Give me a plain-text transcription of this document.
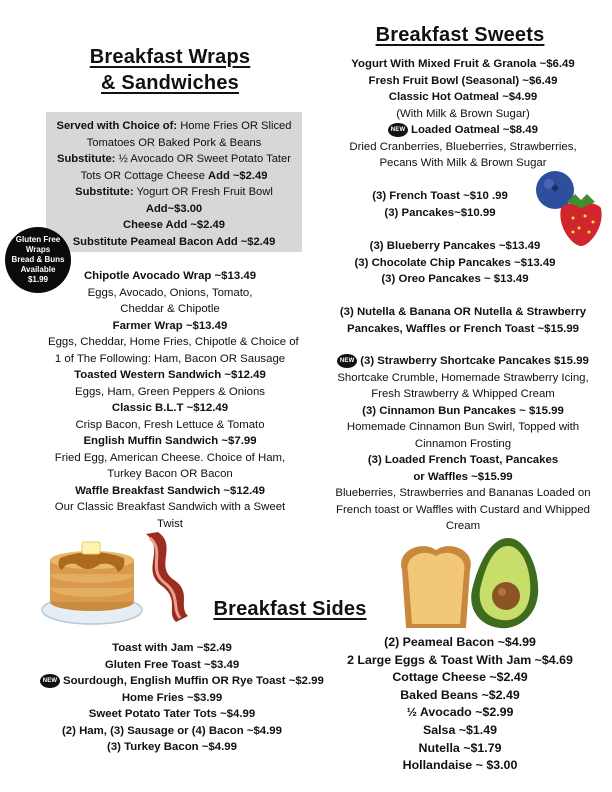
Breakfast Wraps
& Sandwiches
Served with Choice of: Home Fries OR Sliced
Tomatoes OR Baked Pork & Beans
Substitute: ½ Avocado OR Sweet Potato Tater
Tots OR Cottage Cheese Add ~$2.49
Substitute: Yogurt OR Fresh Fruit Bowl
Add~$3.00
Cheese Add ~$2.49
Substitute Peameal Bacon Add ~$2.49
Gluten Free
Wraps
Bread & Buns
Available
$1.99	Chipotle Avocado Wrap ~$13.49
Eggs, Avocado, Onions, Tomato,
Cheddar & Chipotle
Farmer Wrap ~$13.49
Eggs, Cheddar, Home Fries, Chipotle & Choice of
1 of The Following: Ham, Bacon OR Sausage
Toasted Western Sandwich ~$12.49
Eggs, Ham, Green Peppers & Onions
Classic B.L.T ~$12.49
Crisp Bacon, Fresh Lettuce & Tomato
English Muffin Sandwich ~$7.99
Fried Egg, American Cheese. Choice of Ham,
Turkey Bacon OR Bacon
Waffle Breakfast Sandwich ~$12.49
Our Classic Breakfast Sandwich with a Sweet
Twist
Breakfast Sweets
Yogurt With Mixed Fruit & Granola ~$6.49
Fresh Fruit Bowl (Seasonal) ~$6.49
Classic Hot Oatmeal ~$4.99
(With Milk & Brown Sugar)
NEW Loaded Oatmeal ~$8.49
Dried Cranberries, Blueberries, Strawberries,
Pecans With Milk & Brown Sugar
(3) French Toast ~$10 .99
(3) Pancakes~$10.99
(3) Blueberry Pancakes ~$13.49
(3) Chocolate Chip Pancakes ~$13.49
(3) Oreo Pancakes ~ $13.49
(3) Nutella & Banana OR Nutella & Strawberry
Pancakes, Waffles or French Toast ~$15.99
NEW (3) Strawberry Shortcake Pancakes $15.99
Shortcake Crumble, Homemade Strawberry Icing,
Fresh Strawberry & Whipped Cream
(3) Cinnamon Bun Pancakes ~ $15.99
Homemade Cinnamon Bun Swirl, Topped with
Cinnamon Frosting
(3) Loaded French Toast, Pancakes
or Waffles ~$15.99
Blueberries, Strawberries and Bananas Loaded on
French toast or Waffles with Custard and Whipped
Cream
Breakfast Sides
Toast with Jam ~$2.49
Gluten Free Toast ~$3.49
NEW Sourdough, English Muffin OR Rye Toast ~$2.99
Home Fries ~$3.99
Sweet Potato Tater Tots ~$4.99
(2) Ham, (3) Sausage or (4) Bacon ~$4.99
(3) Turkey Bacon ~$4.99
(2) Peameal Bacon ~$4.99
2 Large Eggs & Toast With Jam ~$4.69
Cottage Cheese ~$2.49
Baked Beans ~$2.49
½ Avocado ~$2.99
Salsa ~$1.49
Nutella ~$1.79
Hollandaise ~ $3.00
